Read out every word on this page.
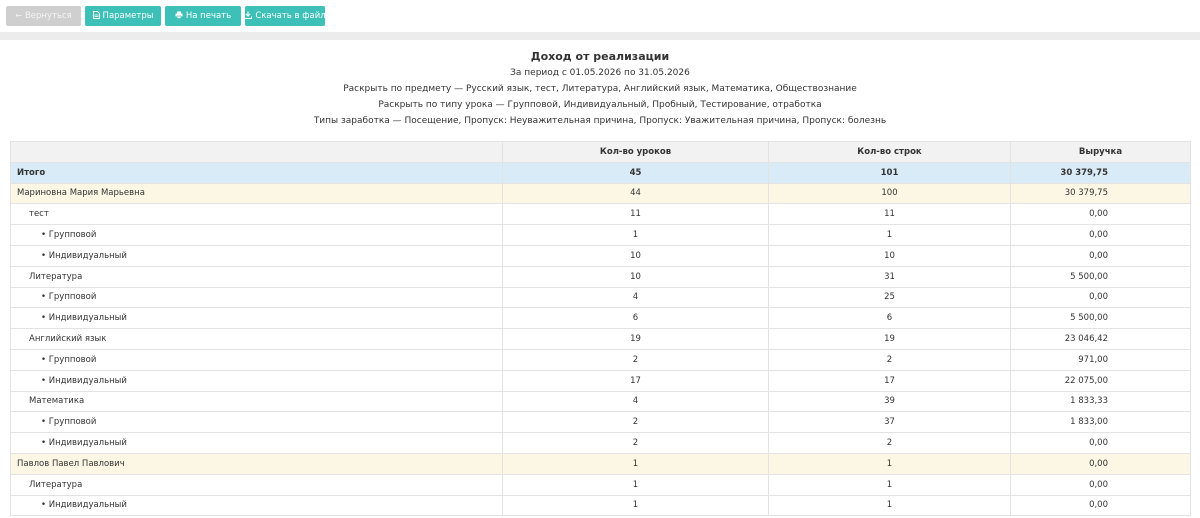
← Вернуться	Параметры	На печать	Скачать в файл
Доход от реализации
За период с 01.05.2026 по 31.05.2026
Раскрыть по предмету — Русский язык, тест, Литература, Английский язык, Математика, Обществознание
Раскрыть по типу урока — Групповой, Индивидуальный, Пробный, Тестирование, отработка
Типы заработка — Посещение, Пропуск: Неуважительная причина, Пропуск: Уважительная причина, Пропуск: болезнь
	Кол-во уроков	Кол-во строк	Выручка
Итого	45	101	30 379,75
Мариновна Мария Марьевна	44	100	30 379,75
тест	11	11	0,00
• Групповой	1	1	0,00
• Индивидуальный	10	10	0,00
Литература	10	31	5 500,00
• Групповой	4	25	0,00
• Индивидуальный	6	6	5 500,00
Английский язык	19	19	23 046,42
• Групповой	2	2	971,00
• Индивидуальный	17	17	22 075,00
Математика	4	39	1 833,33
• Групповой	2	37	1 833,00
• Индивидуальный	2	2	0,00
Павлов Павел Павлович	1	1	0,00
Литература	1	1	0,00
• Индивидуальный	1	1	0,00
